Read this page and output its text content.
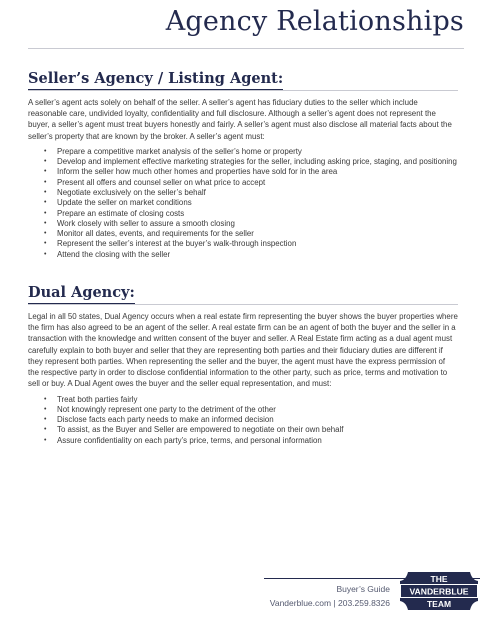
Agency Relationships
Seller’s Agency / Listing Agent:

A seller’s agent acts solely on behalf of the seller. A seller’s agent has fiduciary duties to the seller which include reasonable care, undivided loyalty, confidentiality and full disclosure. Although a seller’s agent does not represent the buyer, a seller’s agent must treat buyers honestly and fairly. A seller’s agent must also disclose all material facts about the seller’s property that are known by the broker. A seller’s agent must:

• Prepare a competitive market analysis of the seller’s home or property
• Develop and implement effective marketing strategies for the seller, including asking price, staging, and positioning
• Inform the seller how much other homes and properties have sold for in the area
• Present all offers and counsel seller on what price to accept
• Negotiate exclusively on the seller’s behalf
• Update the seller on market conditions
• Prepare an estimate of closing costs
• Work closely with seller to assure a smooth closing
• Monitor all dates, events, and requirements for the seller
• Represent the seller’s interest at the buyer’s walk-through inspection
• Attend the closing with the seller
Dual Agency:

Legal in all 50 states, Dual Agency occurs when a real estate firm representing the buyer shows the buyer properties where the firm has also agreed to be an agent of the seller. A real estate firm can be an agent of both the buyer and the seller in a transaction with the knowledge and written consent of the buyer and seller. A Real Estate firm acting as a dual agent must carefully explain to both buyer and seller that they are representing both parties and their fiduciary duties are different if they represent both parties. When representing the seller and the buyer, the agent must have the express permission of the respective party in order to disclose confidential information to the other party, such as price, terms and motivation to sell or buy. A Dual Agent owes the buyer and the seller equal representation, and must:

• Treat both parties fairly
• Not knowingly represent one party to the detriment of the other
• Disclose facts each party needs to make an informed decision
• To assist, as the Buyer and Seller are empowered to negotiate on their own behalf
• Assure confidentiality on each party’s price, terms, and personal information
Buyer’s Guide
Vanderblue.com | 203.259.8326
THE
VANDERBLUE
TEAM
